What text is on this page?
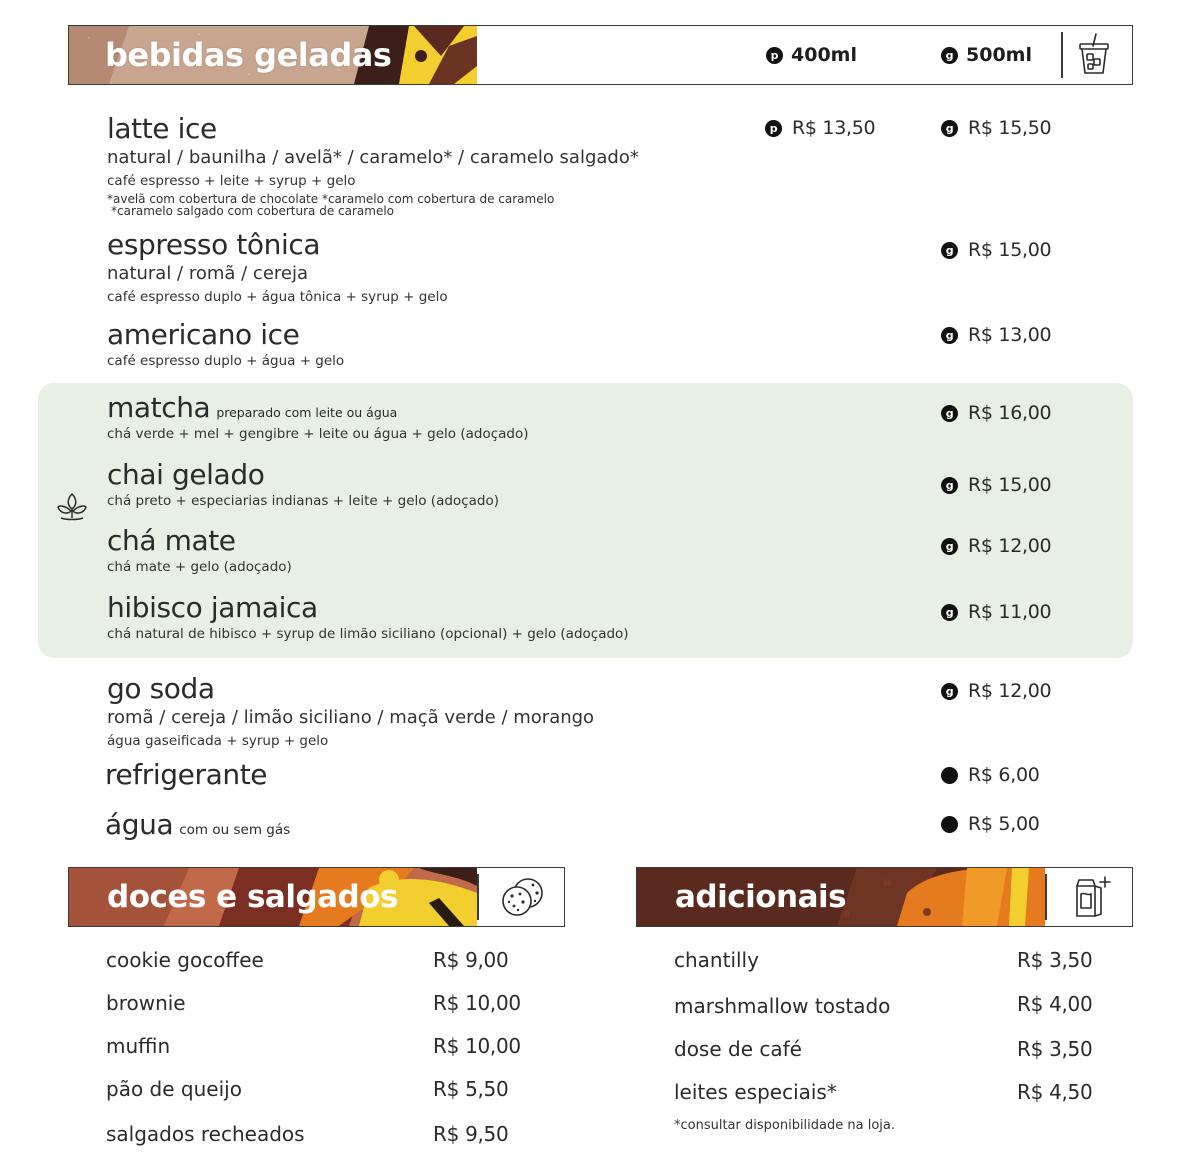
bebidas geladas	p 400ml	g 500ml
latte ice
natural / baunilha / avelã* / caramelo* / caramelo salgado*
café espresso + leite + syrup + gelo
*avelã com cobertura de chocolate *caramelo com cobertura de caramelo
*caramelo salgado com cobertura de caramelo
p R$ 13,50	g R$ 15,50
espresso tônica
natural / romã / cereja
café espresso duplo + água tônica + syrup + gelo
g R$ 15,00
americano ice
café espresso duplo + água + gelo
g R$ 13,00
matcha preparado com leite ou água
chá verde + mel + gengibre + leite ou água + gelo (adoçado)
g R$ 16,00
chai gelado
chá preto + especiarias indianas + leite + gelo (adoçado)
g R$ 15,00
chá mate
chá mate + gelo (adoçado)
g R$ 12,00
hibisco jamaica
chá natural de hibisco + syrup de limão siciliano (opcional) + gelo (adoçado)
g R$ 11,00
go soda
romã / cereja / limão siciliano / maçã verde / morango
água gaseificada + syrup + gelo
g R$ 12,00
refrigerante	R$ 6,00
água com ou sem gás	R$ 5,00
doces e salgados
cookie gocoffee	R$ 9,00
brownie	R$ 10,00
muffin	R$ 10,00
pão de queijo	R$ 5,50
salgados recheados	R$ 9,50
adicionais
chantilly	R$ 3,50
marshmallow tostado	R$ 4,00
dose de café	R$ 3,50
leites especiais*	R$ 4,50
*consultar disponibilidade na loja.
